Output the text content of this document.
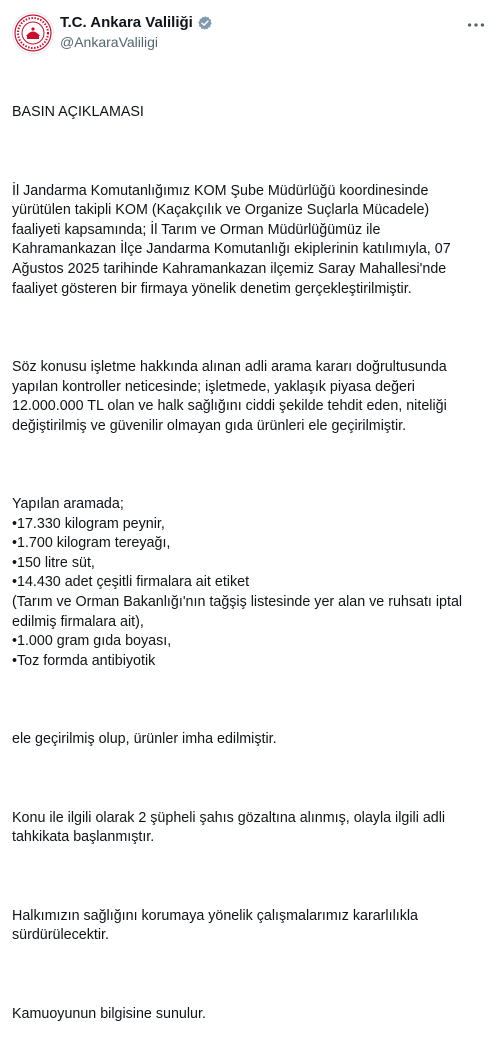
T.C. Ankara Valiliği
@AnkaraValiligi

BASIN AÇIKLAMASI

İl Jandarma Komutanlığımız KOM Şube Müdürlüğü koordinesinde
yürütülen takipli KOM (Kaçakçılık ve Organize Suçlarla Mücadele)
faaliyeti kapsamında; İl Tarım ve Orman Müdürlüğümüz ile
Kahramankazan İlçe Jandarma Komutanlığı ekiplerinin katılımıyla, 07
Ağustos 2025 tarihinde Kahramankazan ilçemiz Saray Mahallesi'nde
faaliyet gösteren bir firmaya yönelik denetim gerçekleştirilmiştir.

Söz konusu işletme hakkında alınan adli arama kararı doğrultusunda
yapılan kontroller neticesinde; işletmede, yaklaşık piyasa değeri
12.000.000 TL olan ve halk sağlığını ciddi şekilde tehdit eden, niteliği
değiştirilmiş ve güvenilir olmayan gıda ürünleri ele geçirilmiştir.

Yapılan aramada;
•17.330 kilogram peynir,
•1.700 kilogram tereyağı,
•150 litre süt,
•14.430 adet çeşitli firmalara ait etiket
(Tarım ve Orman Bakanlığı'nın tağşiş listesinde yer alan ve ruhsatı iptal
edilmiş firmalara ait),
•1.000 gram gıda boyası,
•Toz formda antibiyotik

ele geçirilmiş olup, ürünler imha edilmiştir.

Konu ile ilgili olarak 2 şüpheli şahıs gözaltına alınmış, olayla ilgili adli
tahkikata başlanmıştır.

Halkımızın sağlığını korumaya yönelik çalışmalarımız kararlılıkla
sürdürülecektir.

Kamuoyunun bilgisine sunulur.
